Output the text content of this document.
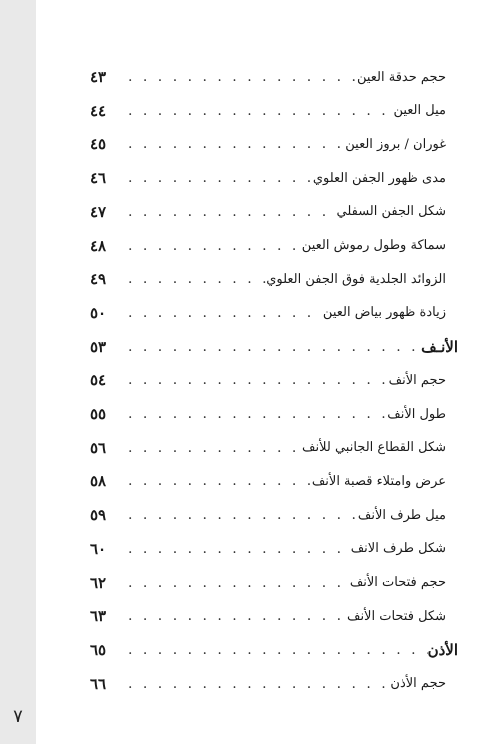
٧
٤٣ . . .	حجم حدقة العين
٤٤ . . .	ميل العين
٤٥ . . .	غوران / بروز العين
٤٦ . . .	مدى ظهور الجفن العلوي
٤٧ . . .	شكل الجفن السفلي
٤٨ . . .	سماكة وطول رموش العين
٤٩ . . .	الزوائد الجلدية فوق الجفن العلوي
٥٠ . . .	زيادة ظهور بياض العين
٥٣ . . .	الأنـف
٥٤ . . .	حجم الأنف
٥٥ . . .	طول الأنف
٥٦ . . .	شكل القطاع الجانبي للأنف
٥٨ . . .	عرض وامتلاء قصبة الأنف
٥٩ . . .	ميل طرف الأنف
٦٠ . . .	شكل طرف الانف
٦٢ . . .	حجم فتحات الأنف
٦٣ . . .	شكل فتحات الأنف
٦٥ . . .	الأذن
٦٦ . . .	حجم الأذن
